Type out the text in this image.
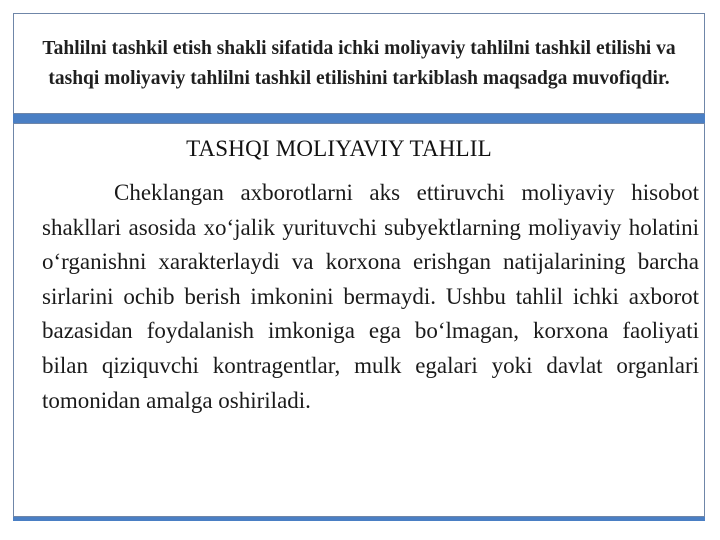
Tahlilni tashkil etish shakli sifatida ichki moliyaviy tahlilni tashkil etilishi va tashqi moliyaviy tahlilni tashkil etilishini tarkiblash maqsadga muvofiqdir.
TASHQI MOLIYAVIY TAHLIL
Cheklangan axborotlarni aks ettiruvchi moliyaviy hisobot shakllari asosida xo‘jalik yurituvchi subyektlarning moliyaviy holatini o‘rganishni xarakterlaydi va korxona erishgan natijalarining barcha sirlarini ochib berish imkonini bermaydi. Ushbu tahlil ichki axborot bazasidan foydalanish imkoniga ega bo‘lmagan, korxona faoliyati bilan qiziquvchi kontragentlar, mulk egalari yoki davlat organlari tomonidan amalga oshiriladi.
